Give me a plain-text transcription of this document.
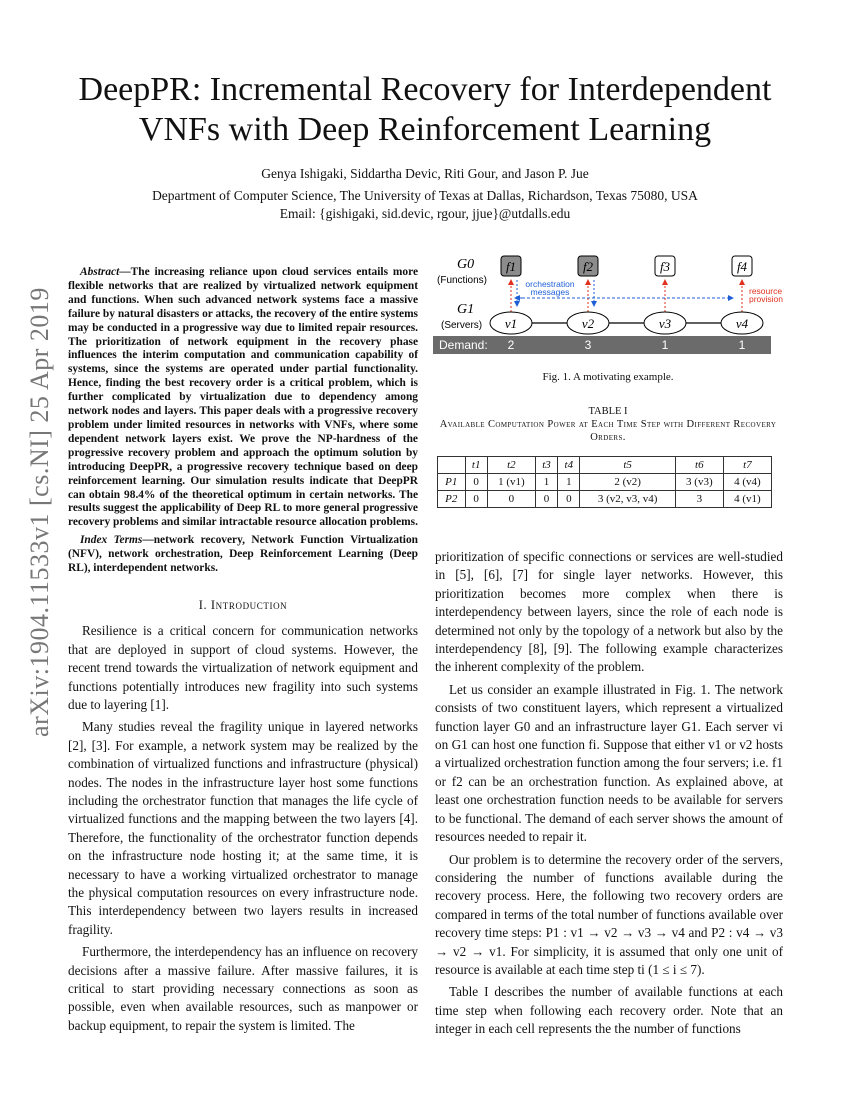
arXiv:1904.11533v1 [cs.NI] 25 Apr 2019
DeepPR: Incremental Recovery for Interdependent VNFs with Deep Reinforcement Learning
Genya Ishigaki, Siddartha Devic, Riti Gour, and Jason P. Jue
Department of Computer Science, The University of Texas at Dallas, Richardson, Texas 75080, USA
Email: {gishigaki, sid.devic, rgour, jjue}@utdalls.edu

Abstract—The increasing reliance upon cloud services entails more flexible networks that are realized by virtualized network equipment and functions. When such advanced network systems face a massive failure by natural disasters or attacks, the recovery of the entire systems may be conducted in a progressive way due to limited repair resources. The prioritization of network equipment in the recovery phase influences the interim computation and communication capability of systems, since the systems are operated under partial functionality. Hence, finding the best recovery order is a critical problem, which is further complicated by virtualization due to dependency among network nodes and layers. This paper deals with a progressive recovery problem under limited resources in networks with VNFs, where some dependent network layers exist. We prove the NP-hardness of the progressive recovery problem and approach the optimum solution by introducing DeepPR, a progressive recovery technique based on deep reinforcement learning. Our simulation results indicate that DeepPR can obtain 98.4% of the theoretical optimum in certain networks. The results suggest the applicability of Deep RL to more general progressive recovery problems and similar intractable resource allocation problems.

Index Terms—network recovery, Network Function Virtualization (NFV), network orchestration, Deep Reinforcement Learning (Deep RL), interdependent networks.

I. Introduction

Resilience is a critical concern for communication networks that are deployed in support of cloud systems. However, the recent trend towards the virtualization of network equipment and functions potentially introduces new fragility into such systems due to layering [1].

Many studies reveal the fragility unique in layered networks [2], [3]. For example, a network system may be realized by the combination of virtualized functions and infrastructure (physical) nodes. The nodes in the infrastructure layer host some functions including the orchestrator function that manages the life cycle of virtualized functions and the mapping between the two layers [4]. Therefore, the functionality of the orchestrator function depends on the infrastructure node hosting it; at the same time, it is necessary to have a working virtualized orchestrator to manage the physical computation resources on every infrastructure node. This interdependency between two layers results in increased fragility.

Furthermore, the interdependency has an influence on recovery decisions after a massive failure. After massive failures, it is critical to start providing necessary connections as soon as possible, even when available resources, such as manpower or backup equipment, to repair the system is limited. The

G0
(Functions)
G1
(Servers)
f1	f2	f3	f4
orchestration
messages	resource
provision
v1	v2	v3	v4
Demand: 2	3	1	1
Fig. 1. A motivating example.
TABLE I
Available Computation Power at Each Time Step with Different Recovery Orders.
	t1	t2	t3	t4	t5	t6	t7
P1	0	1 (v1)	1	1	2 (v2)	3 (v3)	4 (v4)
P2	0	0	0	0	3 (v2, v3, v4)	3	4 (v1)

prioritization of specific connections or services are well-studied in [5], [6], [7] for single layer networks. However, this prioritization becomes more complex when there is interdependency between layers, since the role of each node is determined not only by the topology of a network but also by the interdependency [8], [9]. The following example characterizes the inherent complexity of the problem.

Let us consider an example illustrated in Fig. 1. The network consists of two constituent layers, which represent a virtualized function layer G0 and an infrastructure layer G1. Each server vi on G1 can host one function fi. Suppose that either v1 or v2 hosts a virtualized orchestration function among the four servers; i.e. f1 or f2 can be an orchestration function. As explained above, at least one orchestration function needs to be available for servers to be functional. The demand of each server shows the amount of resources needed to repair it.

Our problem is to determine the recovery order of the servers, considering the number of functions available during the recovery process. Here, the following two recovery orders are compared in terms of the total number of functions available over recovery time steps: P1 : v1 → v2 → v3 → v4 and P2 : v4 → v3 → v2 → v1. For simplicity, it is assumed that only one unit of resource is available at each time step ti (1 ≤ i ≤ 7).

Table I describes the number of available functions at each time step when following each recovery order. Note that an integer in each cell represents the the number of functions
